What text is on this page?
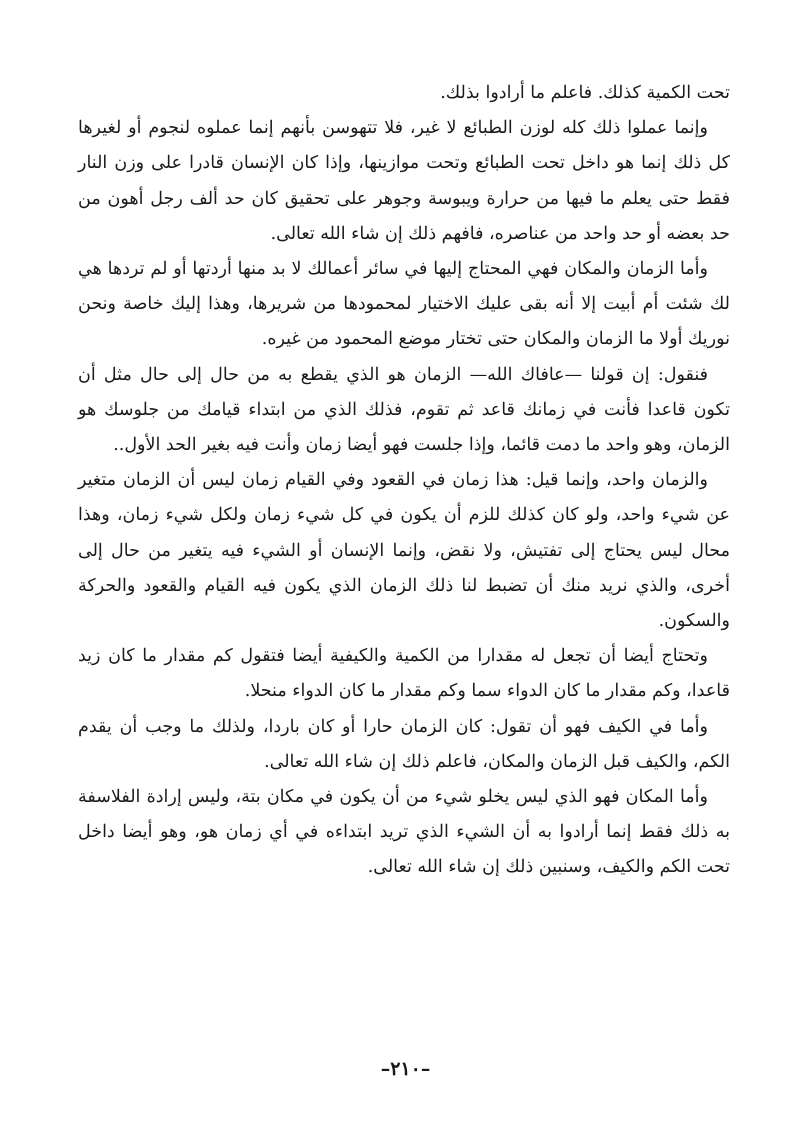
تحت الكمية كذلك. فاعلم ما أرادوا بذلك.

وإنما عملوا ذلك كله لوزن الطبائع لا غير، فلا تتهوسن بأنهم إنما عملوه لنجوم أو لغيرها كل ذلك إنما هو داخل تحت الطبائع وتحت موازينها، وإذا كان الإنسان قادرا على وزن النار فقط حتى يعلم ما فيها من حرارة ويبوسة وجوهر على تحقيق كان حد ألف رجل أهون من حد بعضه أو حد واحد من عناصره، فافهم ذلك إن شاء الله تعالى.

وأما الزمان والمكان فهي المحتاج إليها في سائر أعمالك لا بد منها أردتها أو لم تردها هي لك شئت أم أبيت إلا أنه بقى عليك الاختيار لمحمودها من شريرها، وهذا إليك خاصة ونحن نوريك أولا ما الزمان والمكان حتى تختار موضع المحمود من غيره.

فنقول: إن قولنا —عافاك الله— الزمان هو الذي يقطع به من حال إلى حال مثل أن تكون قاعدا فأنت في زمانك قاعد ثم تقوم، فذلك الذي من ابتداء قيامك من جلوسك هو الزمان، وهو واحد ما دمت قائما، وإذا جلست فهو أيضا زمان وأنت فيه بغير الحد الأول..

والزمان واحد، وإنما قيل: هذا زمان في القعود وفي القيام زمان ليس أن الزمان متغير عن شيء واحد، ولو كان كذلك للزم أن يكون في كل شيء زمان ولكل شيء زمان، وهذا محال ليس يحتاج إلى تفتيش، ولا نقض، وإنما الإنسان أو الشيء فيه يتغير من حال إلى أخرى، والذي نريد منك أن تضبط لنا ذلك الزمان الذي يكون فيه القيام والقعود والحركة والسكون.

وتحتاج أيضا أن تجعل له مقدارا من الكمية والكيفية أيضا فتقول كم مقدار ما كان زيد قاعدا، وكم مقدار ما كان الدواء سما وكم مقدار ما كان الدواء منحلا.

وأما في الكيف فهو أن تقول: كان الزمان حارا أو كان باردا، ولذلك ما وجب أن يقدم الكم، والكيف قبل الزمان والمكان، فاعلم ذلك إن شاء الله تعالى.

وأما المكان فهو الذي ليس يخلو شيء من أن يكون في مكان بتة، وليس إرادة الفلاسفة به ذلك فقط إنما أرادوا به أن الشيء الذي تريد ابتداءه في أي زمان هو، وهو أيضا داخل تحت الكم والكيف، وسنبين ذلك إن شاء الله تعالى.

–٢١٠–
